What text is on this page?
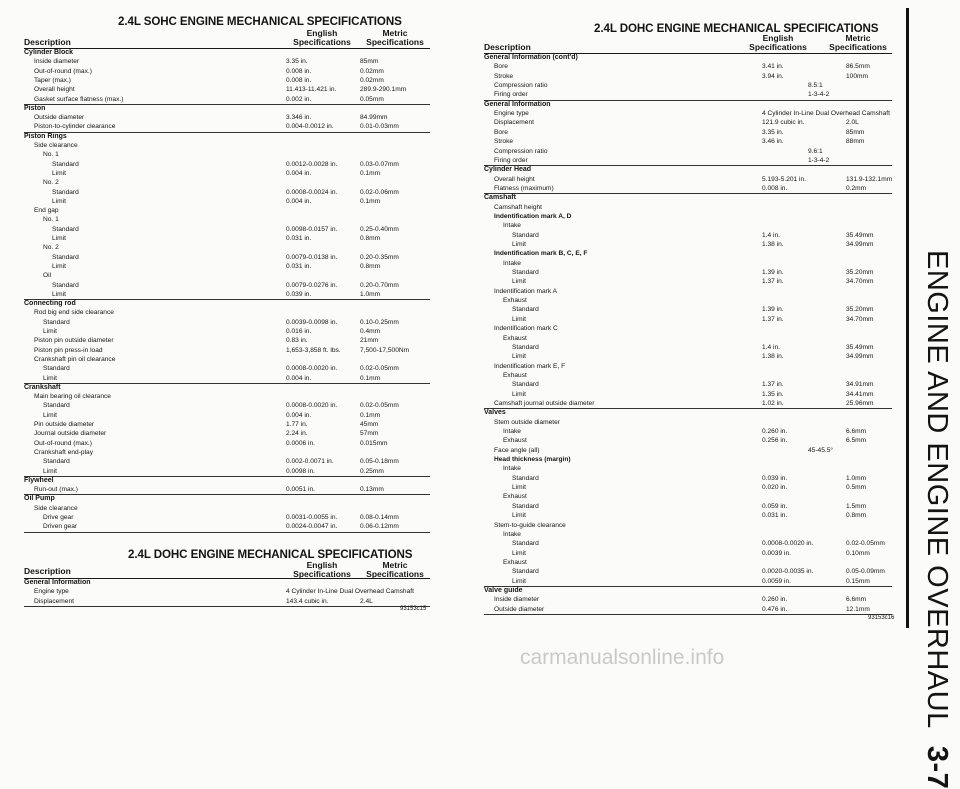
2.4L SOHC ENGINE MECHANICAL SPECIFICATIONS
English
Specifications
Metric
Specifications
Description
Cylinder Block
Inside diameter	3.35 in.	85mm
Out-of-round (max.)	0.008 in.	0.02mm
Taper (max.)	0.008 in.	0.02mm
Overall height	11.413-11.421 in.	289.9-290.1mm
Gasket surface flatness (max.)	0.002 in.	0.05mm
Piston
Outside diameter	3.346 in.	84.99mm
Piston-to-cylinder clearance	0.004-0.0012 in.	0.01-0.03mm
Piston Rings
Side clearance
No. 1
Standard	0.0012-0.0028 in.	0.03-0.07mm
Limit	0.004 in.	0.1mm
No. 2
Standard	0.0008-0.0024 in.	0.02-0.06mm
Limit	0.004 in.	0.1mm
End gap
No. 1
Standard	0.0098-0.0157 in.	0.25-0.40mm
Limit	0.031 in.	0.8mm
No. 2
Standard	0.0079-0.0138 in.	0.20-0.35mm
Limit	0.031 in.	0.8mm
Oil
Standard	0.0079-0.0276 in.	0.20-0.70mm
Limit	0.039 in.	1.0mm
Connecting rod
Rod big end side clearance
Standard	0.0039-0.0098 in.	0.10-0.25mm
Limit	0.016 in.	0.4mm
Piston pin outside diameter	0.83 in.	21mm
Piston pin press-in load	1,653-3,858 ft. lbs.	7,500-17,500Nm
Crankshaft pin oil clearance
Standard	0.0008-0.0020 in.	0.02-0.05mm
Limit	0.004 in.	0.1mm
Crankshaft
Main bearing oil clearance
Standard	0.0008-0.0020 in.	0.02-0.05mm
Limit	0.004 in.	0.1mm
Pin outside diameter	1.77 in.	45mm
Journal outside diameter	2.24 in.	57mm
Out-of-round (max.)	0.0006 in.	0.015mm
Crankshaft end-play
Standard	0.002-0.0071 in.	0.05-0.18mm
Limit	0.0098 in.	0.25mm
Flywheel
Run-out (max.)	0.0051 in.	0.13mm
Oil Pump
Side clearance
Drive gear	0.0031-0.0055 in.	0.08-0.14mm
Driven gear	0.0024-0.0047 in.	0.06-0.12mm
2.4L DOHC ENGINE MECHANICAL SPECIFICATIONS
English
Specifications
Metric
Specifications
Description
General Information
Engine type	4 Cylinder In-Line Dual Overhead Camshaft
Displacement	143.4 cubic in.	2.4L
93153c15
2.4L DOHC ENGINE MECHANICAL SPECIFICATIONS
English
Specifications
Metric
Specifications
Description
General Information (cont'd)
Bore	3.41 in.	86.5mm
Stroke	3.94 in.	100mm
Compression ratio	8.5:1
Firing order	1-3-4-2
General Information
Engine type	4 Cylinder In-Line Dual Overhead Camshaft
Displacement	121.9 cubic in.	2.0L
Bore	3.35 in.	85mm
Stroke	3.46 in.	88mm
Compression ratio	9.6:1
Firing order	1-3-4-2
Cylinder Head
Overall height	5.193-5.201 in.	131.9-132.1mm
Flatness (maximum)	0.008 in.	0.2mm
Camshaft
Camshaft height
Indentification mark A, D
Intake
Standard	1.4 in.	35.49mm
Limit	1.38 in.	34.99mm
Indentification mark B, C, E, F
Intake
Standard	1.39 in.	35.20mm
Limit	1.37 in.	34.70mm
Indentification mark A
Exhaust
Standard	1.39 in.	35.20mm
Limit	1.37 in.	34.70mm
Indentification mark C
Exhaust
Standard	1.4 in.	35.49mm
Limit	1.38 in.	34.99mm
Indentification mark E, F
Exhaust
Standard	1.37 in.	34.91mm
Limit	1.35 in.	34.41mm
Camshaft journal outside diameter	1.02 in.	25.96mm
Valves
Stem outside diameter
Intake	0.260 in.	6.6mm
Exhaust	0.256 in.	6.5mm
Face angle (all)	45-45.5°
Head thickness (margin)
Intake
Standard	0.039 in.	1.0mm
Limit	0.020 in.	0.5mm
Exhaust
Standard	0.059 in.	1.5mm
Limit	0.031 in.	0.8mm
Stem-to-guide clearance
Intake
Standard	0.0008-0.0020 in.	0.02-0.05mm
Limit	0.0039 in.	0.10mm
Exhaust
Standard	0.0020-0.0035 in.	0.05-0.09mm
Limit	0.0059 in.	0.15mm
Valve guide
Inside diameter	0.260 in.	6.6mm
Outside diameter	0.476 in.	12.1mm
93153c16 ENGINE AND ENGINE OVERHAUL  3-7
carmanualsonline.info
